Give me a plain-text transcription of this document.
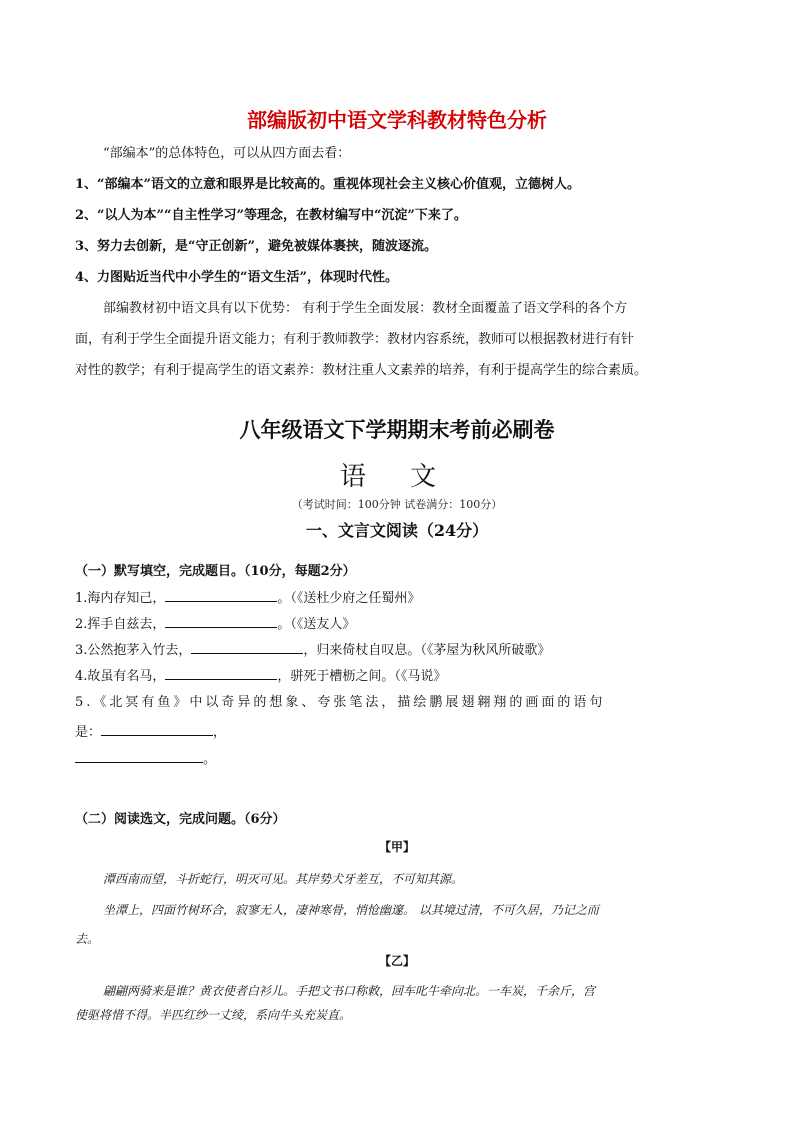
部编版初中语文学科教材特色分析
“部编本”的总体特色，可以从四方面去看：
1、“部编本”语文的立意和眼界是比较高的。重视体现社会主义核心价值观，立德树人。
2、“以人为本”“自主性学习”等理念，在教材编写中“沉淀”下来了。
3、努力去创新，是“守正创新”，避免被媒体裹挟，随波逐流。
4、力图贴近当代中小学生的“语文生活”，体现时代性。
部编教材初中语文具有以下优势： 有利于学生全面发展：教材全面覆盖了语文学科的各个方
面，有利于学生全面提升语文能力；有利于教师教学：教材内容系统，教师可以根据教材进行有针
对性的教学；有利于提高学生的语文素养：教材注重人文素养的培养，有利于提高学生的综合素质。
八年级语文下学期期末考前必刷卷
语 文
（考试时间：100分钟 试卷满分：100分）
一、文言文阅读（24分）
（一）默写填空，完成题目。（10分，每题2分）
1.海内存知己，	。（《送杜少府之任蜀州》
2.挥手自兹去，	。（《送友人》
3.公然抱茅入竹去，	，归来倚杖自叹息。（《茅屋为秋风所破歌》
4.故虽有名马，	，骈死于槽枥之间。（《马说》
5.《北冥有鱼》中以奇异的想象、夸张笔法，描绘鹏展翅翱翔的画面的语句
是：	，
。
（二）阅读选文，完成问题。（6分）
【甲】
潭西南而望，斗折蛇行，明灭可见。其岸势犬牙差互，不可知其源。
坐潭上，四面竹树环合，寂寥无人，凄神寒骨，悄怆幽邃。 以其境过清，不可久居，乃记之而
去。
【乙】
翩翩两骑来是谁？黄衣使者白衫儿。手把文书口称敕，回车叱牛牵向北。一车炭，千余斤，宫
使驱将惜不得。半匹红纱一丈绫，系向牛头充炭直。
